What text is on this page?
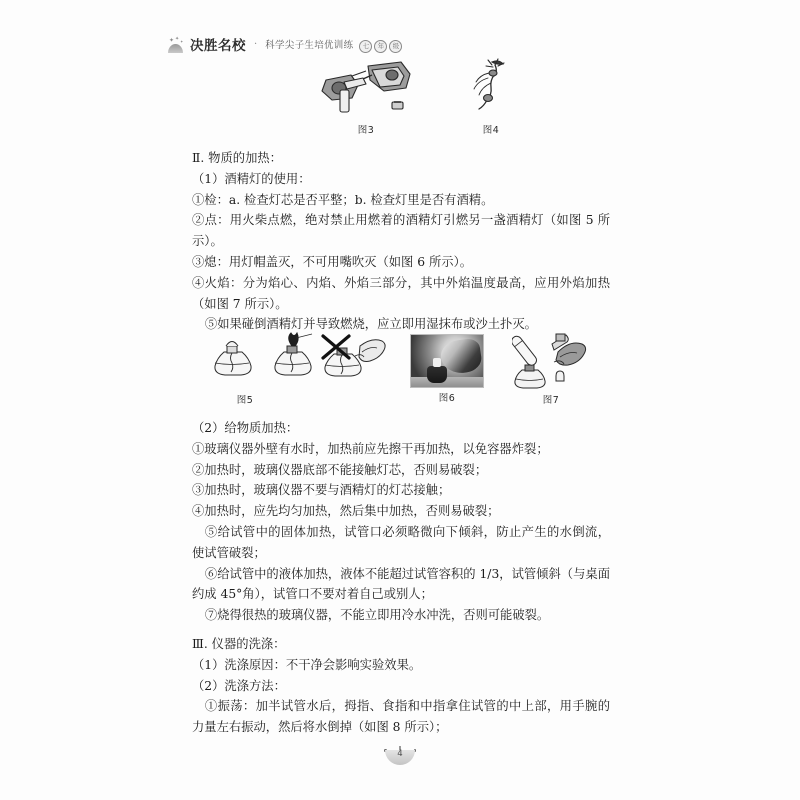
✦ ✦ ✦ 决胜名校 · 科学尖子生培优训练	七	年	级
图3	图4
Ⅱ. 物质的加热：
（1）酒精灯的使用：
①检：a. 检查灯芯是否平整；b. 检查灯里是否有酒精。
②点：用火柴点燃，绝对禁止用燃着的酒精灯引燃另一盏酒精灯（如图 5 所示）。
③熄：用灯帽盖灭，不可用嘴吹灭（如图 6 所示）。
④火焰：分为焰心、内焰、外焰三部分，其中外焰温度最高，应用外焰加热（如图 7 所示）。
⑤如果碰倒酒精灯并导致燃烧，应立即用湿抹布或沙土扑灭。
图5	图6	图7
（2）给物质加热：
①玻璃仪器外壁有水时，加热前应先擦干再加热，以免容器炸裂；
②加热时，玻璃仪器底部不能接触灯芯，否则易破裂；
③加热时，玻璃仪器不要与酒精灯的灯芯接触；
④加热时，应先均匀加热，然后集中加热，否则易破裂；
⑤给试管中的固体加热，试管口必须略微向下倾斜，防止产生的水倒流，使试管破裂；
⑥给试管中的液体加热，液体不能超过试管容积的 1/3，试管倾斜（与桌面约成 45°角），试管口不要对着自己或别人；
⑦烧得很热的玻璃仪器，不能立即用冷水冲洗，否则可能破裂。
Ⅲ. 仪器的洗涤：
（1）洗涤原因：不干净会影响实验效果。
（2）洗涤方法：
①振荡：加半试管水后，拇指、食指和中指拿住试管的中上部，用手腕的力量左右振动，然后将水倒掉（如图 8 所示）；
4
